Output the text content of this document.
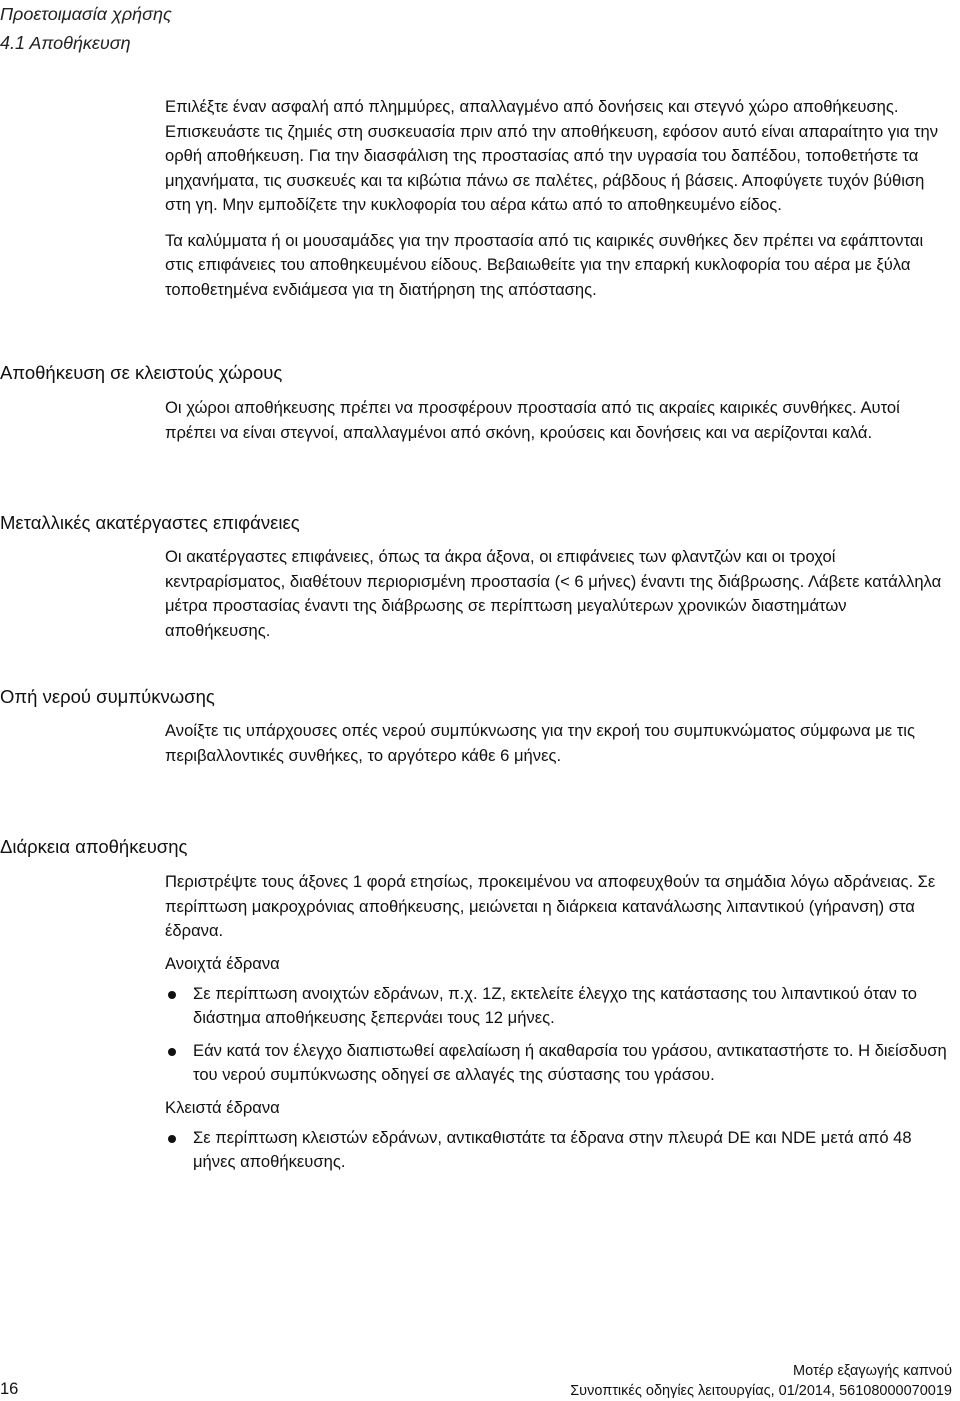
Προετοιμασία χρήσης
4.1 Αποθήκευση

Επιλέξτε έναν ασφαλή από πλημμύρες, απαλλαγμένο από δονήσεις και στεγνό χώρο αποθήκευσης. Επισκευάστε τις ζημιές στη συσκευασία πριν από την αποθήκευση, εφόσον αυτό είναι απαραίτητο για την ορθή αποθήκευση. Για την διασφάλιση της προστασίας από την υγρασία του δαπέδου, τοποθετήστε τα μηχανήματα, τις συσκευές και τα κιβώτια πάνω σε παλέτες, ράβδους ή βάσεις. Αποφύγετε τυχόν βύθιση στη γη. Μην εμποδίζετε την κυκλοφορία του αέρα κάτω από το αποθηκευμένο είδος.

Τα καλύμματα ή οι μουσαμάδες για την προστασία από τις καιρικές συνθήκες δεν πρέπει να εφάπτονται στις επιφάνειες του αποθηκευμένου είδους. Βεβαιωθείτε για την επαρκή κυκλοφορία του αέρα με ξύλα τοποθετημένα ενδιάμεσα για τη διατήρηση της απόστασης.

Αποθήκευση σε κλειστούς χώρους

Οι χώροι αποθήκευσης πρέπει να προσφέρουν προστασία από τις ακραίες καιρικές συνθήκες. Αυτοί πρέπει να είναι στεγνοί, απαλλαγμένοι από σκόνη, κρούσεις και δονήσεις και να αερίζονται καλά.

Μεταλλικές ακατέργαστες επιφάνειες

Οι ακατέργαστες επιφάνειες, όπως τα άκρα άξονα, οι επιφάνειες των φλαντζών και οι τροχοί κεντραρίσματος, διαθέτουν περιορισμένη προστασία (< 6 μήνες) έναντι της διάβρωσης. Λάβετε κατάλληλα μέτρα προστασίας έναντι της διάβρωσης σε περίπτωση μεγαλύτερων χρονικών διαστημάτων αποθήκευσης.

Οπή νερού συμπύκνωσης

Ανοίξτε τις υπάρχουσες οπές νερού συμπύκνωσης για την εκροή του συμπυκνώματος σύμφωνα με τις περιβαλλοντικές συνθήκες, το αργότερο κάθε 6 μήνες.

Διάρκεια αποθήκευσης

Περιστρέψτε τους άξονες 1 φορά ετησίως, προκειμένου να αποφευχθούν τα σημάδια λόγω αδράνειας. Σε περίπτωση μακροχρόνιας αποθήκευσης, μειώνεται η διάρκεια κατανάλωσης λιπαντικού (γήρανση) στα έδρανα.

Ανοιχτά έδρανα
Σε περίπτωση ανοιχτών εδράνων, π.χ. 1Z, εκτελείτε έλεγχο της κατάστασης του λιπαντικού όταν το διάστημα αποθήκευσης ξεπερνάει τους 12 μήνες.
Εάν κατά τον έλεγχο διαπιστωθεί αφελαίωση ή ακαθαρσία του γράσου, αντικαταστήστε το. Η διείσδυση του νερού συμπύκνωσης οδηγεί σε αλλαγές της σύστασης του γράσου.
Κλειστά έδρανα
Σε περίπτωση κλειστών εδράνων, αντικαθιστάτε τα έδρανα στην πλευρά DE και NDE μετά από 48 μήνες αποθήκευσης.
16
Μοτέρ εξαγωγής καπνού
Συνοπτικές οδηγίες λειτουργίας, 01/2014, 56108000070019
